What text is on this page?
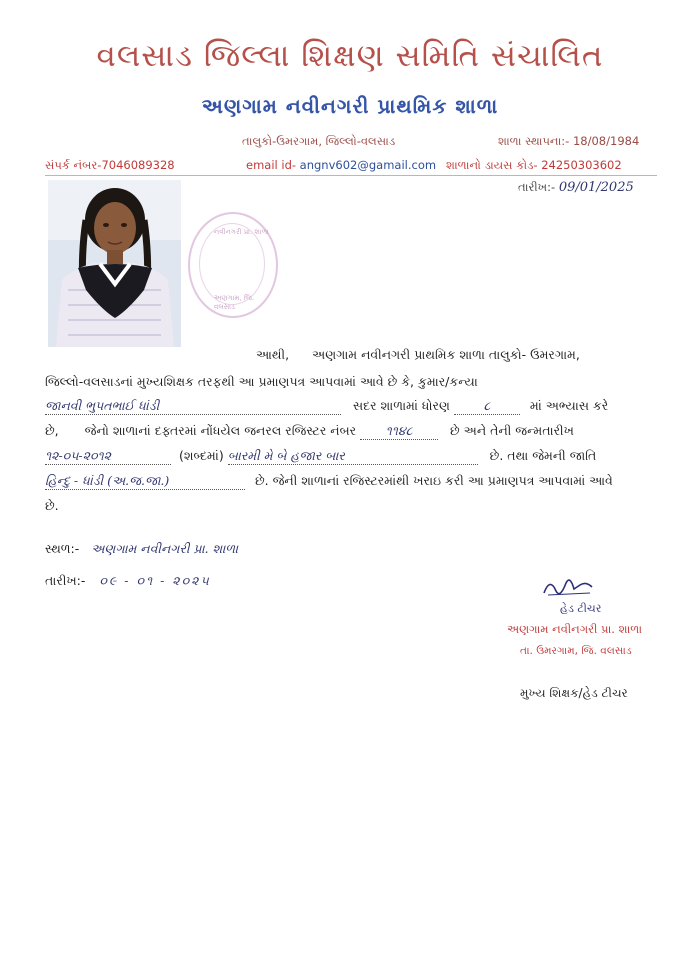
વલસાડ જિલ્લા શિક્ષણ સમિતિ સંચાલિત
અણગામ નવીનગરી પ્રાથમિક શાળા
તાલુકો-ઉમરગામ, જિલ્લો-વલસાડ	શાળા સ્થાપના:- 18/08/1984
સંપર્ક નંબર-7046089328	email id- angnv602@gamail.com શાળાનો ડાયસ કોડ- 24250303602
તારીખ:- 09/01/2025
નવીનગરી પ્રા. શાળા
અણગામ, જિ. વલસાડ
આથી, અણગામ નવીનગરી પ્રાથમિક શાળા તાલુકો- ઉમરગામ,
જિલ્લો-વલસાડનાં મુખ્યશિક્ષક તરફથી આ પ્રમાણપત્ર આપવામાં આવે છે કે, કુમાર/કન્યા
જાનવી ભુપતભાઈ ધાંડી	સદર શાળામાં ધોરણ	૮	માં અભ્યાસ કરે
છે, જેનો શાળાનાં દફ્તરમાં નોંધયેલ જનરલ રજિસ્ટર નંબર ૧૧૪૮	છે અને તેની જન્મતારીખ
૧૨-૦૫-૨૦૧૨	(શબ્દમાં) બારમી મે બે હજાર બાર	છે. તથા જેમની જાતિ
હિન્દુ - ધાંડી (અ.જ.જા.)	છે. જેની શાળાનાં રજિસ્ટરમાંથી ખરાઇ કરી આ પ્રમાણપત્ર આપવામાં આવે
છે.
સ્થળ:- અણગામ નવીનગરી પ્રા. શાળા
તારીખ:- ૦૯ - ૦૧ - ૨૦૨૫
હેડ ટીચર
અણગામ નવીનગરી પ્રા. શાળા
તા. ઉમરગામ, જિ. વલસાડ
મુખ્ય શિક્ષક/હેડ ટીચર
